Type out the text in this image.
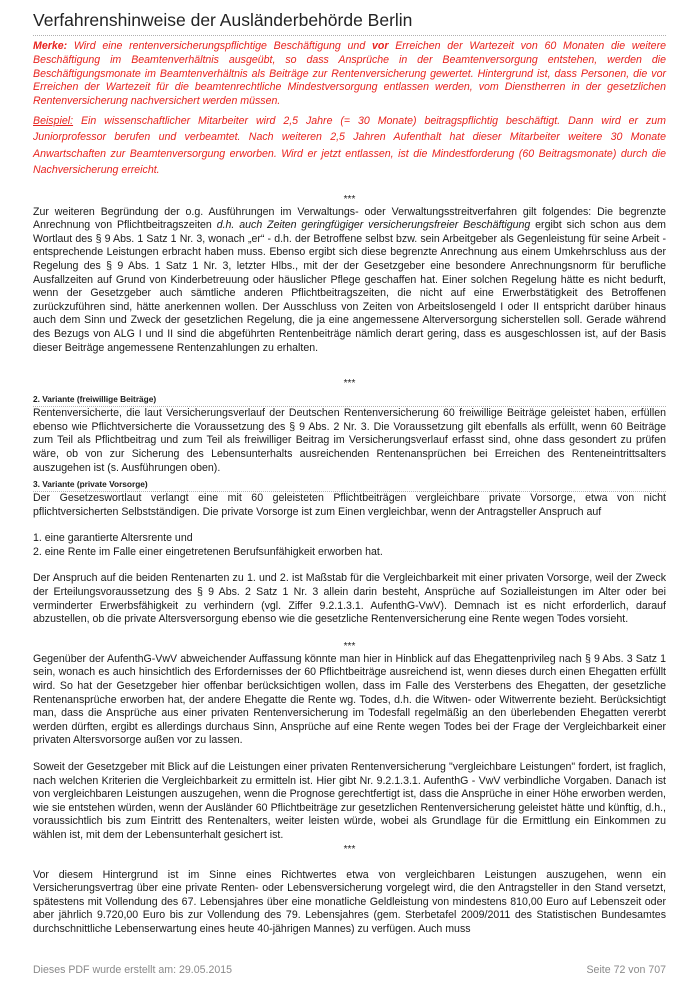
Verfahrenshinweise der Ausländerbehörde Berlin

Merke: Wird eine rentenversicherungspflichtige Beschäftigung und vor Erreichen der Wartezeit von 60 Monaten die weitere Beschäftigung im Beamtenverhältnis ausgeübt, so dass Ansprüche in der Beamtenversorgung entstehen, werden die Beschäftigungsmonate im Beamtenverhältnis als Beiträge zur Rentenversicherung gewertet. Hintergrund ist, dass Personen, die vor Erreichen der Wartezeit für die beamtenrechtliche Mindestversorgung entlassen werden, vom Dienstherren in der gesetzlichen Rentenversicherung nachversichert werden müssen.

Beispiel: Ein wissenschaftlicher Mitarbeiter wird 2,5 Jahre (= 30 Monate) beitragspflichtig beschäftigt. Dann wird er zum Juniorprofessor berufen und verbeamtet. Nach weiteren 2,5 Jahren Aufenthalt hat dieser Mitarbeiter weitere 30 Monate Anwartschaften zur Beamtenversorgung erworben. Wird er jetzt entlassen, ist die Mindestforderung (60 Beitragsmonate) durch die Nachversicherung erreicht.

***

Zur weiteren Begründung der o.g. Ausführungen im Verwaltungs- oder Verwaltungsstreitverfahren gilt folgendes: Die begrenzte Anrechnung von Pflichtbeitragszeiten d.h. auch Zeiten geringfügiger versicherungsfreier Beschäftigung ergibt sich schon aus dem Wortlaut des § 9 Abs. 1 Satz 1 Nr. 3, wonach „er“ - d.h. der Betroffene selbst bzw. sein Arbeitgeber als Gegenleistung für seine Arbeit - entsprechende Leistungen erbracht haben muss. Ebenso ergibt sich diese begrenzte Anrechnung aus einem Umkehrschluss aus der Regelung des § 9 Abs. 1 Satz 1 Nr. 3, letzter Hlbs., mit der der Gesetzgeber eine besondere Anrechnungsnorm für berufliche Ausfallzeiten auf Grund von Kinderbetreuung oder häuslicher Pflege geschaffen hat. Einer solchen Regelung hätte es nicht bedurft, wenn der Gesetzgeber auch sämtliche anderen Pflichtbeitragszeiten, die nicht auf eine Erwerbstätigkeit des Betroffenen zurückzuführen sind, hätte anerkennen wollen. Der Ausschluss von Zeiten von Arbeitslosengeld I oder II entspricht darüber hinaus auch dem Sinn und Zweck der gesetzlichen Regelung, die ja eine angemessene Alterversorgung sicherstellen soll. Gerade während des Bezugs von ALG I und II sind die abgeführten Rentenbeiträge nämlich derart gering, dass es ausgeschlossen ist, auf der Basis dieser Beiträge angemessene Rentenzahlungen zu erhalten.

***
2. Variante (freiwillige Beiträge)

Rentenversicherte, die laut Versicherungsverlauf der Deutschen Rentenversicherung 60 freiwillige Beiträge geleistet haben, erfüllen ebenso wie Pflichtversicherte die Voraussetzung des § 9 Abs. 2 Nr. 3. Die Voraussetzung gilt ebenfalls als erfüllt, wenn 60 Beiträge zum Teil als Pflichtbeitrag und zum Teil als freiwilliger Beitrag im Versicherungsverlauf erfasst sind, ohne dass gesondert zu prüfen wäre, ob von zur Sicherung des Lebensunterhalts ausreichenden Rentenansprüchen bei Erreichen des Renteneintrittsalters auszugehen ist (s. Ausführungen oben).

3. Variante (private Vorsorge)

Der Gesetzeswortlaut verlangt eine mit 60 geleisteten Pflichtbeiträgen vergleichbare private Vorsorge, etwa von nicht pflichtversicherten Selbstständigen. Die private Vorsorge ist zum Einen vergleichbar, wenn der Antragsteller Anspruch auf

1. eine garantierte Altersrente und

2. eine Rente im Falle einer eingetretenen Berufsunfähigkeit erworben hat.

Der Anspruch auf die beiden Rentenarten zu 1. und 2. ist Maßstab für die Vergleichbarkeit mit einer privaten Vorsorge, weil der Zweck der Erteilungsvoraussetzung des § 9 Abs. 2 Satz 1 Nr. 3 allein darin besteht, Ansprüche auf Sozialleistungen im Alter oder bei verminderter Erwerbsfähigkeit zu verhindern (vgl. Ziffer 9.2.1.3.1. AufenthG-VwV). Demnach ist es nicht erforderlich, darauf abzustellen, ob die private Altersversorgung ebenso wie die gesetzliche Rentenversicherung eine Rente wegen Todes vorsieht.

***

Gegenüber der AufenthG-VwV abweichender Auffassung könnte man hier in Hinblick auf das Ehegattenprivileg nach § 9 Abs. 3 Satz 1 sein, wonach es auch hinsichtlich des Erfordernisses der 60 Pflichtbeiträge ausreichend ist, wenn dieses durch einen Ehegatten erfüllt wird. So hat der Gesetzgeber hier offenbar berücksichtigen wollen, dass im Falle des Versterbens des Ehegatten, der gesetzliche Rentenansprüche erworben hat, der andere Ehegatte die Rente wg. Todes, d.h. die Witwen- oder Witwerrente bezieht. Berücksichtigt man, dass die Ansprüche aus einer privaten Rentenversicherung im Todesfall regelmäßig an den überlebenden Ehegatten vererbt werden dürften, ergibt es allerdings durchaus Sinn, Ansprüche auf eine Rente wegen Todes bei der Frage der Vergleichbarkeit einer privaten Altersvorsorge außen vor zu lassen.

Soweit der Gesetzgeber mit Blick auf die Leistungen einer privaten Rentenversicherung "vergleichbare Leistungen" fordert, ist fraglich, nach welchen Kriterien die Vergleichbarkeit zu ermitteln ist. Hier gibt Nr. 9.2.1.3.1. AufenthG - VwV verbindliche Vorgaben. Danach ist von vergleichbaren Leistungen auszugehen, wenn die Prognose gerechtfertigt ist, dass die Ansprüche in einer Höhe erworben werden, wie sie entstehen würden, wenn der Ausländer 60 Pflichtbeiträge zur gesetzlichen Rentenversicherung geleistet hätte und künftig, d.h., voraussichtlich bis zum Eintritt des Rentenalters, weiter leisten würde, wobei als Grundlage für die Ermittlung ein Einkommen zu wählen ist, mit dem der Lebensunterhalt gesichert ist.

***

Vor diesem Hintergrund ist im Sinne eines Richtwertes etwa von vergleichbaren Leistungen auszugehen, wenn ein Versicherungsvertrag über eine private Renten- oder Lebensversicherung vorgelegt wird, die den Antragsteller in den Stand versetzt, spätestens mit Vollendung des 67. Lebensjahres über eine monatliche Geldleistung von mindestens 810,00 Euro auf Lebenszeit oder aber jährlich 9.720,00 Euro bis zur Vollendung des 79. Lebensjahres (gem. Sterbetafel 2009/2011 des Statistischen Bundesamtes durchschnittliche Lebenserwartung eines heute 40-jährigen Mannes) zu verfügen. Auch muss

Dieses PDF wurde erstellt am: 29.05.2015	Seite 72 von 707
